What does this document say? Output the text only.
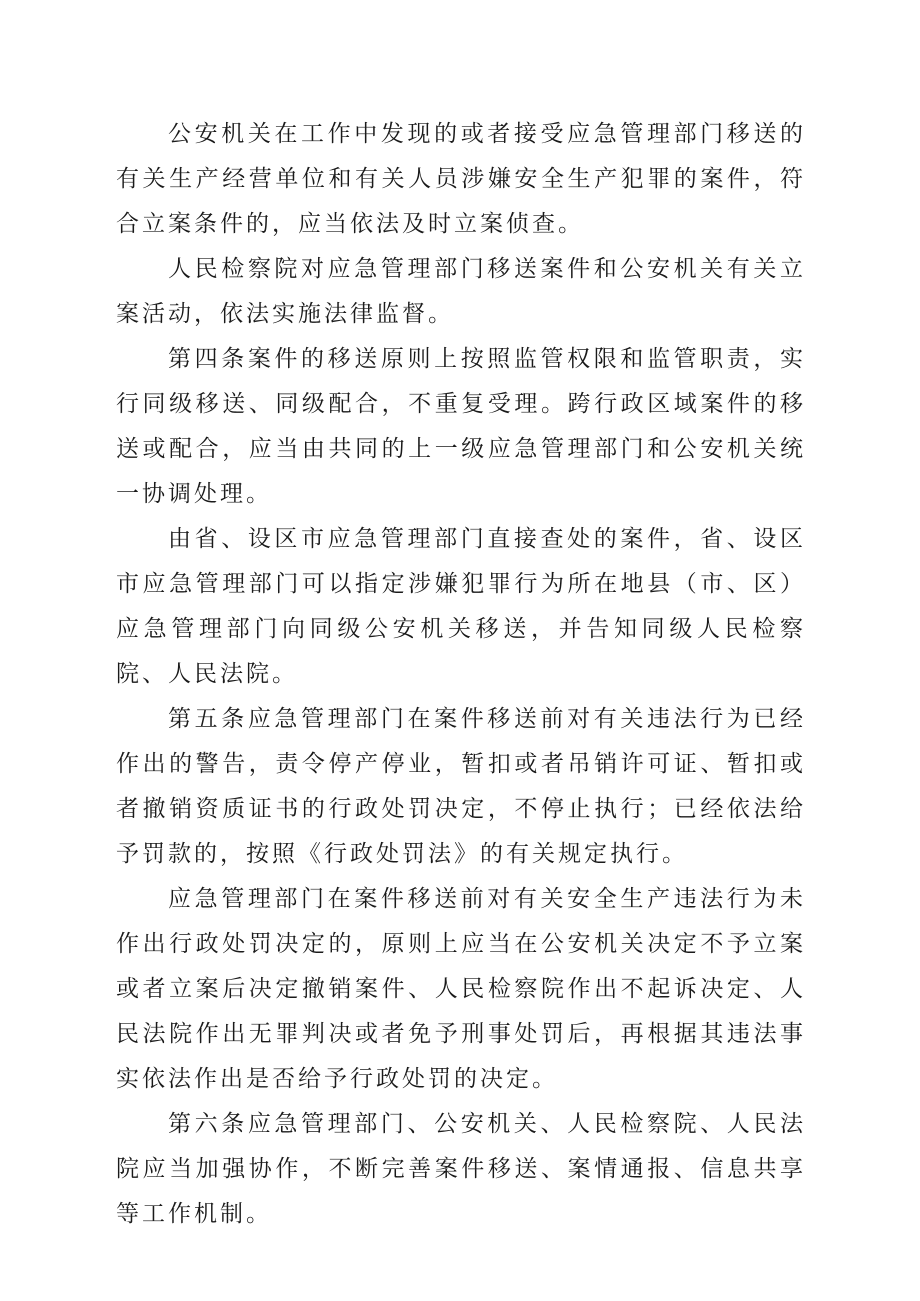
公安机关在工作中发现的或者接受应急管理部门移送的有关生产经营单位和有关人员涉嫌安全生产犯罪的案件，符合立案条件的，应当依法及时立案侦查。

人民检察院对应急管理部门移送案件和公安机关有关立案活动，依法实施法律监督。

第四条案件的移送原则上按照监管权限和监管职责，实行同级移送、同级配合，不重复受理。跨行政区域案件的移送或配合，应当由共同的上一级应急管理部门和公安机关统一协调处理。

由省、设区市应急管理部门直接查处的案件，省、设区市应急管理部门可以指定涉嫌犯罪行为所在地县（市、区）应急管理部门向同级公安机关移送，并告知同级人民检察院、人民法院。

第五条应急管理部门在案件移送前对有关违法行为已经作出的警告，责令停产停业，暂扣或者吊销许可证、暂扣或者撤销资质证书的行政处罚决定，不停止执行；已经依法给予罚款的，按照《行政处罚法》的有关规定执行。

应急管理部门在案件移送前对有关安全生产违法行为未作出行政处罚决定的，原则上应当在公安机关决定不予立案或者立案后决定撤销案件、人民检察院作出不起诉决定、人民法院作出无罪判决或者免予刑事处罚后，再根据其违法事实依法作出是否给予行政处罚的决定。

第六条应急管理部门、公安机关、人民检察院、人民法院应当加强协作，不断完善案件移送、案情通报、信息共享等工作机制。
